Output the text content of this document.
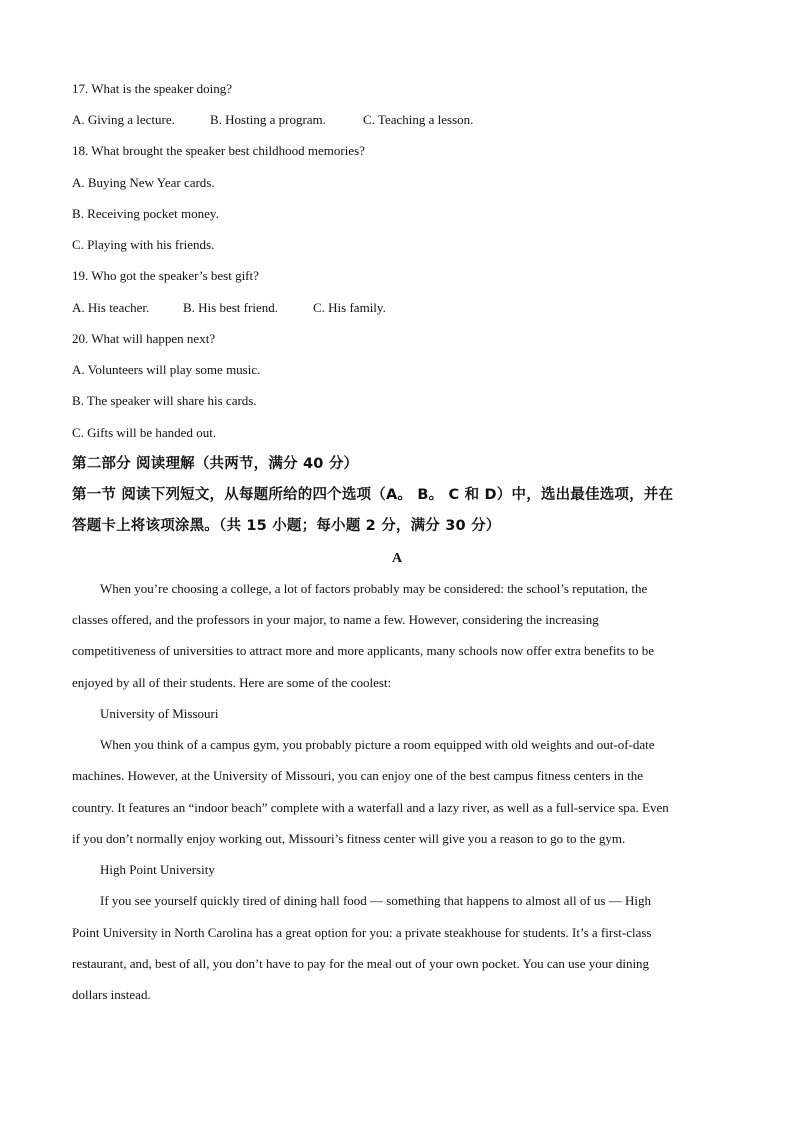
17. What is the speaker doing?
A. Giving a lecture.	B. Hosting a program.	C. Teaching a lesson.
18. What brought the speaker best childhood memories?
A. Buying New Year cards.
B. Receiving pocket money.
C. Playing with his friends.
19. Who got the speaker’s best gift?
A. His teacher.	B. His best friend.	C. His family.
20. What will happen next?
A. Volunteers will play some music.
B. The speaker will share his cards.
C. Gifts will be handed out.
第二部分 阅读理解（共两节，满分 40 分）
第一节 阅读下列短文，从每题所给的四个选项（A。 B。 C 和 D）中，选出最佳选项，并在
答题卡上将该项涂黑。（共 15 小题；每小题 2 分，满分 30 分）
A
When you’re choosing a college, a lot of factors probably may be considered: the school’s reputation, the
classes offered, and the professors in your major, to name a few. However, considering the increasing
competitiveness of universities to attract more and more applicants, many schools now offer extra benefits to be
enjoyed by all of their students. Here are some of the coolest:
University of Missouri
When you think of a campus gym, you probably picture a room equipped with old weights and out-of-date
machines. However, at the University of Missouri, you can enjoy one of the best campus fitness centers in the
country. It features an “indoor beach” complete with a waterfall and a lazy river, as well as a full-service spa. Even
if you don’t normally enjoy working out, Missouri’s fitness center will give you a reason to go to the gym.
High Point University
If you see yourself quickly tired of dining hall food — something that happens to almost all of us — High
Point University in North Carolina has a great option for you: a private steakhouse for students. It’s a first-class
restaurant, and, best of all, you don’t have to pay for the meal out of your own pocket. You can use your dining
dollars instead.
